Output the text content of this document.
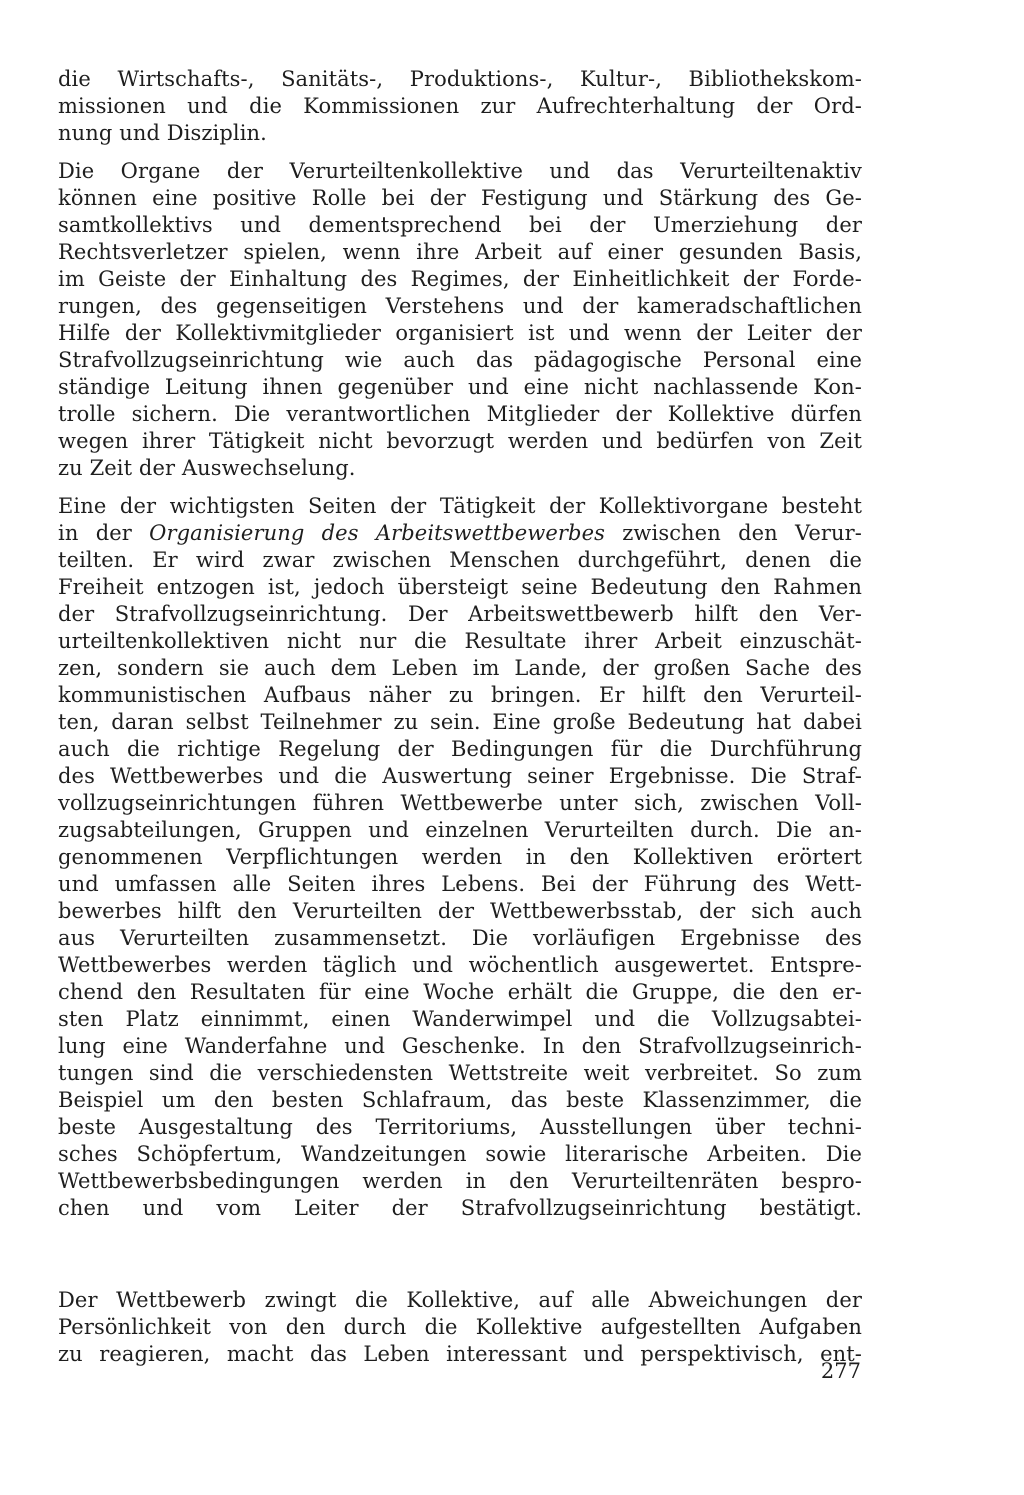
die Wirtschafts-, Sanitäts-, Produktions-, Kultur-, Bibliothekskom-
missionen und die Kommissionen zur Aufrechterhaltung der Ord-
nung und Disziplin.
Die Organe der Verurteiltenkollektive und das Verurteiltenaktiv
können eine positive Rolle bei der Festigung und Stärkung des Ge-
samtkollektivs und dementsprechend bei der Umerziehung der
Rechtsverletzer spielen, wenn ihre Arbeit auf einer gesunden Basis,
im Geiste der Einhaltung des Regimes, der Einheitlichkeit der Forde-
rungen, des gegenseitigen Verstehens und der kameradschaftlichen
Hilfe der Kollektivmitglieder organisiert ist und wenn der Leiter der
Strafvollzugseinrichtung wie auch das pädagogische Personal eine
ständige Leitung ihnen gegenüber und eine nicht nachlassende Kon-
trolle sichern. Die verantwortlichen Mitglieder der Kollektive dürfen
wegen ihrer Tätigkeit nicht bevorzugt werden und bedürfen von Zeit
zu Zeit der Auswechselung.
Eine der wichtigsten Seiten der Tätigkeit der Kollektivorgane besteht
in der Organisierung des Arbeitswettbewerbes zwischen den Verur-
teilten. Er wird zwar zwischen Menschen durchgeführt, denen die
Freiheit entzogen ist, jedoch übersteigt seine Bedeutung den Rahmen
der Strafvollzugseinrichtung. Der Arbeitswettbewerb hilft den Ver-
urteiltenkollektiven nicht nur die Resultate ihrer Arbeit einzuschät-
zen, sondern sie auch dem Leben im Lande, der großen Sache des
kommunistischen Aufbaus näher zu bringen. Er hilft den Verurteil-
ten, daran selbst Teilnehmer zu sein. Eine große Bedeutung hat dabei
auch die richtige Regelung der Bedingungen für die Durchführung
des Wettbewerbes und die Auswertung seiner Ergebnisse. Die Straf-
vollzugseinrichtungen führen Wettbewerbe unter sich, zwischen Voll-
zugsabteilungen, Gruppen und einzelnen Verurteilten durch. Die an-
genommenen Verpflichtungen werden in den Kollektiven erörtert
und umfassen alle Seiten ihres Lebens. Bei der Führung des Wett-
bewerbes hilft den Verurteilten der Wettbewerbsstab, der sich auch
aus Verurteilten zusammensetzt. Die vorläufigen Ergebnisse des
Wettbewerbes werden täglich und wöchentlich ausgewertet. Entspre-
chend den Resultaten für eine Woche erhält die Gruppe, die den er-
sten Platz einnimmt, einen Wanderwimpel und die Vollzugsabtei-
lung eine Wanderfahne und Geschenke. In den Strafvollzugseinrich-
tungen sind die verschiedensten Wettstreite weit verbreitet. So zum
Beispiel um den besten Schlafraum, das beste Klassenzimmer, die
beste Ausgestaltung des Territoriums, Ausstellungen über techni-
sches Schöpfertum, Wandzeitungen sowie literarische Arbeiten. Die
Wettbewerbsbedingungen werden in den Verurteiltenräten bespro-
chen und vom Leiter der Strafvollzugseinrichtung bestätigt.
Der Wettbewerb zwingt die Kollektive, auf alle Abweichungen der
Persönlichkeit von den durch die Kollektive aufgestellten Aufgaben
zu reagieren, macht das Leben interessant und perspektivisch, ent-
277
